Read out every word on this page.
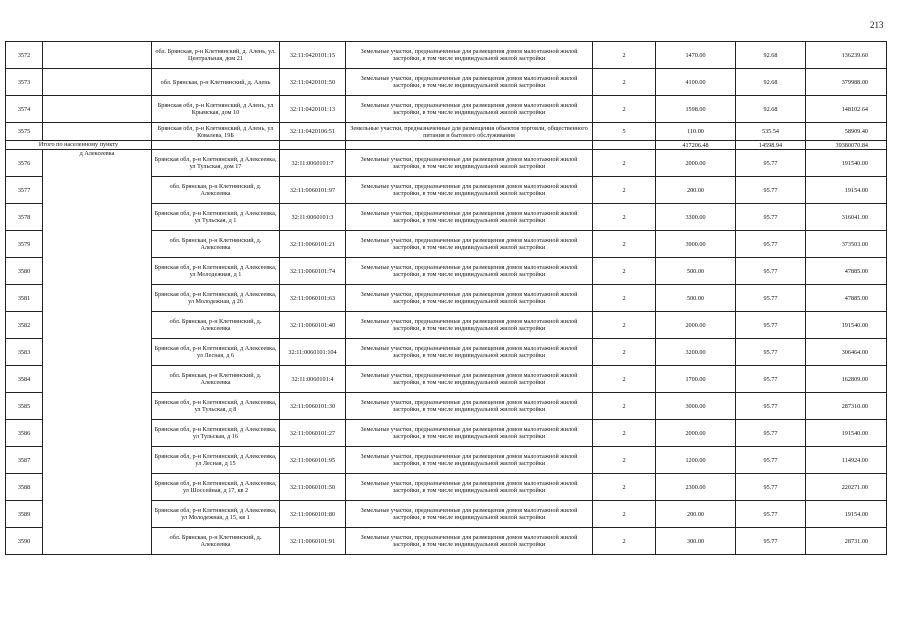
213
3572		обл. Брянская, р-н Клетнянский, д. Алень, ул. Центральная, дом 21	32:11:0420101:15	Земельные участки, предназначенные для размещения домов малоэтажной жилой застройки, в том числе индивидуальной жилой застройки	2	1470.00	92.68	136239.60
3573		обл. Брянская, р-н Клетнянский, д. Алень	32:11:0420101:50	Земельные участки, предназначенные для размещения домов малоэтажной жилой застройки, в том числе индивидуальной жилой застройки	2	4100.00	92.68	379988.00
3574		Брянская обл, р-н Клетнянский, д Алень, ул Крымская, дом 10	32:11:0420101:13	Земельные участки, предназначенные для размещения домов малоэтажной жилой застройки, в том числе индивидуальной жилой застройки	2	1598.00	92.68	148102.64
3575		Брянская обл, р-н Клетнянский, д Алень, ул Ковалева, 19Б	32:11:0420106:51	Земельные участки, предназначенные для размещения объектов торговли, общественного питания и бытового обслуживания	5	110.00	535.54	58909.40
Итого по населенному пункту						417206.48	14598.94	39380070.84
3576	д Алексеевка	Брянская обл, р-н Клетнянский, д Алексеевка, ул Тульская, дом 17	32:11:0060101:7	Земельные участки, предназначенные для размещения домов малоэтажной жилой застройки, в том числе индивидуальной жилой застройки	2	2000.00	95.77	191540.00
3577		обл. Брянская, р-н Клетнянский, д. Алексеевка	32:11:0060101:97	Земельные участки, предназначенные для размещения домов малоэтажной жилой застройки, в том числе индивидуальной жилой застройки	2	200.00	95.77	19154.00
3578		Брянская обл, р-н Клетнянский, д Алексеевка, ул Тульская, д 1	32:11:0060101:3	Земельные участки, предназначенные для размещения домов малоэтажной жилой застройки, в том числе индивидуальной жилой застройки	2	3300.00	95.77	316041.00
3579		обл. Брянская, р-н Клетнянский, д. Алексеевка	32:11:0060101:21	Земельные участки, предназначенные для размещения домов малоэтажной жилой застройки, в том числе индивидуальной жилой застройки	2	3900.00	95.77	373503.00
3580		Брянская обл, р-н Клетнянский, д Алексеевка, ул Молодежная, д 1	32:11:0060101:74	Земельные участки, предназначенные для размещения домов малоэтажной жилой застройки, в том числе индивидуальной жилой застройки	2	500.00	95.77	47885.00
3581		Брянская обл, р-н Клетнянский, д Алексеевка, ул Молодежная, д 26	32:11:0060101:63	Земельные участки, предназначенные для размещения домов малоэтажной жилой застройки, в том числе индивидуальной жилой застройки	2	500.00	95.77	47885.00
3582		обл. Брянская, р-н Клетнянский, д. Алексеевка	32:11:0060101:40	Земельные участки, предназначенные для размещения домов малоэтажной жилой застройки, в том числе индивидуальной жилой застройки	2	2000.00	95.77	191540.00
3583		Брянская обл, р-н Клетнянский, д Алексеевка, ул Лесная, д 6	32:11:0060101:104	Земельные участки, предназначенные для размещения домов малоэтажной жилой застройки, в том числе индивидуальной жилой застройки	2	3200.00	95.77	306464.00
3584		обл. Брянская, р-н Клетнянский, д. Алексеевка	32:11:0060101:4	Земельные участки, предназначенные для размещения домов малоэтажной жилой застройки, в том числе индивидуальной жилой застройки	2	1700.00	95.77	162809.00
3585		Брянская обл, р-н Клетнянский, д Алексеевка, ул Тульская, д 8	32:11:0060101:30	Земельные участки, предназначенные для размещения домов малоэтажной жилой застройки, в том числе индивидуальной жилой застройки	2	3000.00	95.77	287310.00
3586		Брянская обл, р-н Клетнянский, д Алексеевка, ул Тульская, д 16	32:11:0060101:27	Земельные участки, предназначенные для размещения домов малоэтажной жилой застройки, в том числе индивидуальной жилой застройки	2	2000.00	95.77	191540.00
3587		Брянская обл, р-н Клетнянский, д Алексеевка, ул Лесная, д 15	32:11:0060101:95	Земельные участки, предназначенные для размещения домов малоэтажной жилой застройки, в том числе индивидуальной жилой застройки	2	1200.00	95.77	114924.00
3588		Брянская обл, р-н Клетнянский, д Алексеевка, ул Шоссейная, д 17, кв 2	32:11:0060101:50	Земельные участки, предназначенные для размещения домов малоэтажной жилой застройки, в том числе индивидуальной жилой застройки	2	2300.00	95.77	220271.00
3589		Брянская обл, р-н Клетнянский, д Алексеевка, ул Молодежная, д 15, кв 1	32:11:0060101:80	Земельные участки, предназначенные для размещения домов малоэтажной жилой застройки, в том числе индивидуальной жилой застройки	2	200.00	95.77	19154.00
3590		обл. Брянская, р-н Клетнянский, д. Алексеевка	32:11:0060101:91	Земельные участки, предназначенные для размещения домов малоэтажной жилой застройки, в том числе индивидуальной жилой застройки	2	300.00	95.77	28731.00
